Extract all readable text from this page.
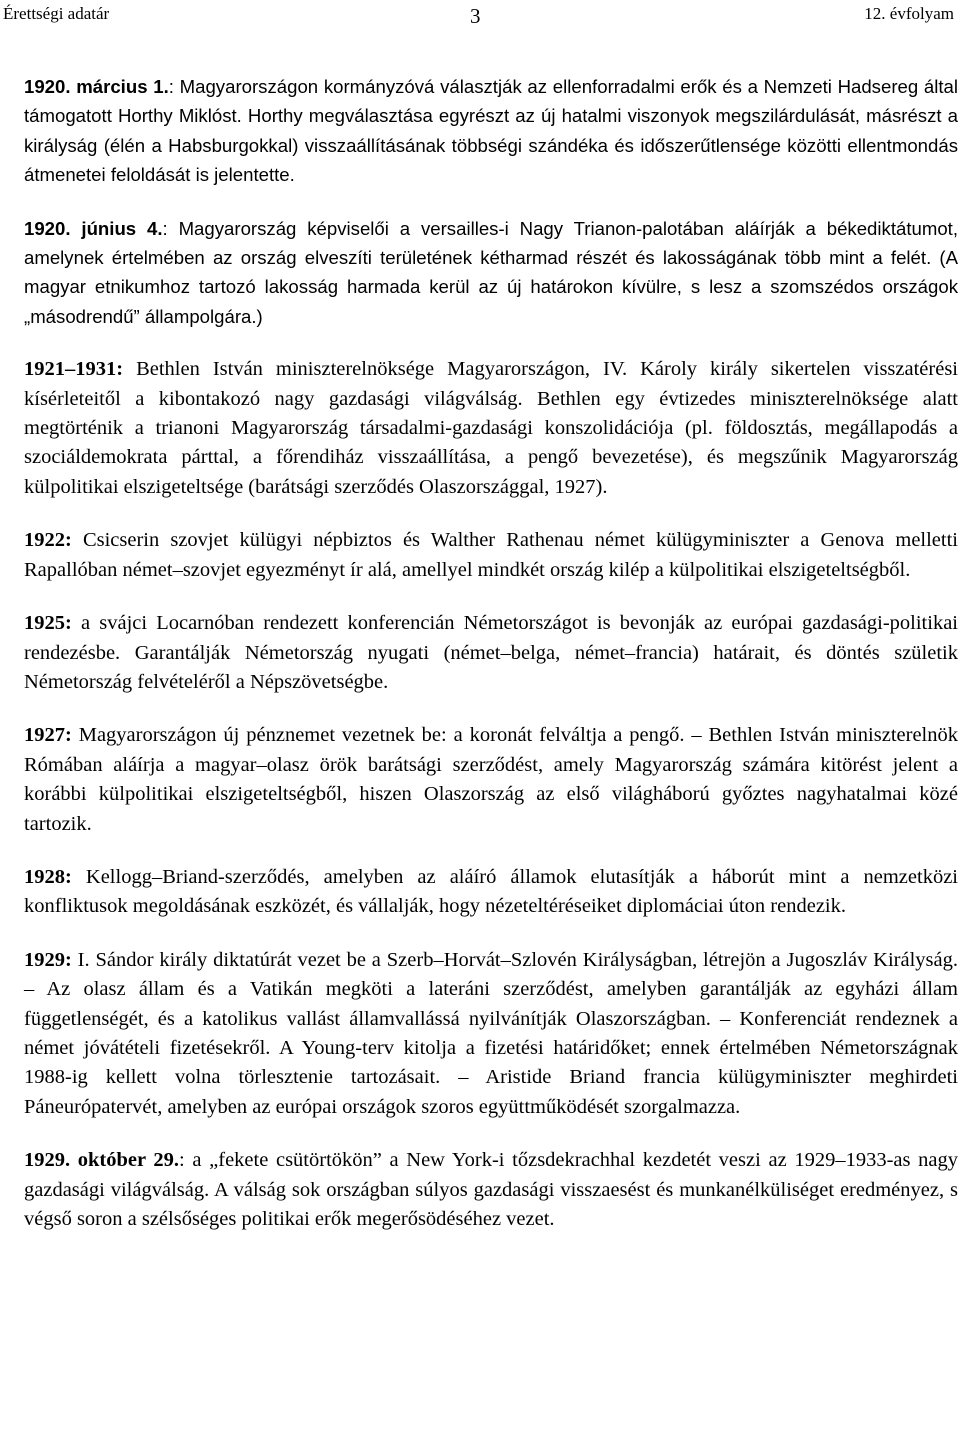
Érettségi adatár	3	12. évfolyam

1920. március 1.: Magyarországon kormányzóvá választják az ellenforradalmi erők és a Nemzeti Hadsereg által támogatott Horthy Miklóst. Horthy megválasztása egyrészt az új hatalmi viszonyok megszilárdulását, másrészt a királyság (élén a Habsburgokkal) visszaállításának többségi szándéka és időszerűtlensége közötti ellentmondás átmenetei feloldását is jelentette.

1920. június 4.: Magyarország képviselői a versailles-i Nagy Trianon-palotában aláírják a békediktátumot, amelynek értelmében az ország elveszíti területének kétharmad részét és lakosságának több mint a felét. (A magyar etnikumhoz tartozó lakosság harmada kerül az új határokon kívülre, s lesz a szomszédos országok „másodrendű” állampolgára.)

1921–1931: Bethlen István miniszterelnöksége Magyarországon, IV. Károly király sikertelen visszatérési kísérleteitől a kibontakozó nagy gazdasági világválság. Bethlen egy évtizedes miniszterelnöksége alatt megtörténik a trianoni Magyarország társadalmi-gazdasági konszolidációja (pl. földosztás, megállapodás a szociáldemokrata párttal, a főrendiház visszaállítása, a pengő bevezetése), és megszűnik Magyarország külpolitikai elszigeteltsége (barátsági szerződés Olaszországgal, 1927).

1922: Csicserin szovjet külügyi népbiztos és Walther Rathenau német külügyminiszter a Genova melletti Rapallóban német–szovjet egyezményt ír alá, amellyel mindkét ország kilép a külpolitikai elszigeteltségből.

1925: a svájci Locarnóban rendezett konferencián Németországot is bevonják az európai gazdasági-politikai rendezésbe. Garantálják Németország nyugati (német–belga, német–francia) határait, és döntés születik Németország felvételéről a Népszövetségbe.

1927: Magyarországon új pénznemet vezetnek be: a koronát felváltja a pengő. – Bethlen István miniszterelnök Rómában aláírja a magyar–olasz örök barátsági szerződést, amely Magyarország számára kitörést jelent a korábbi külpolitikai elszigeteltségből, hiszen Olaszország az első világháború győztes nagyhatalmai közé tartozik.

1928: Kellogg–Briand-szerződés, amelyben az aláíró államok elutasítják a háborút mint a nemzetközi konfliktusok megoldásának eszközét, és vállalják, hogy nézeteltéréseiket diplomáciai úton rendezik.

1929: I. Sándor király diktatúrát vezet be a Szerb–Horvát–Szlovén Királyságban, létrejön a Jugoszláv Királyság. – Az olasz állam és a Vatikán megköti a lateráni szerződést, amelyben garantálják az egyházi állam függetlenségét, és a katolikus vallást államvallássá nyilvánítják Olaszországban. – Konferenciát rendeznek a német jóvátételi fizetésekről. A Young-terv kitolja a fizetési határidőket; ennek értelmében Németországnak 1988-ig kellett volna törlesztenie tartozásait. – Aristide Briand francia külügyminiszter meghirdeti Páneurópatervét, amelyben az európai országok szoros együttműködését szorgalmazza.

1929. október 29.: a „fekete csütörtökön” a New York-i tőzsdekrachhal kezdetét veszi az 1929–1933-as nagy gazdasági világválság. A válság sok országban súlyos gazdasági visszaesést és munkanélküliséget eredményez, s végső soron a szélsőséges politikai erők megerősödéséhez vezet.
